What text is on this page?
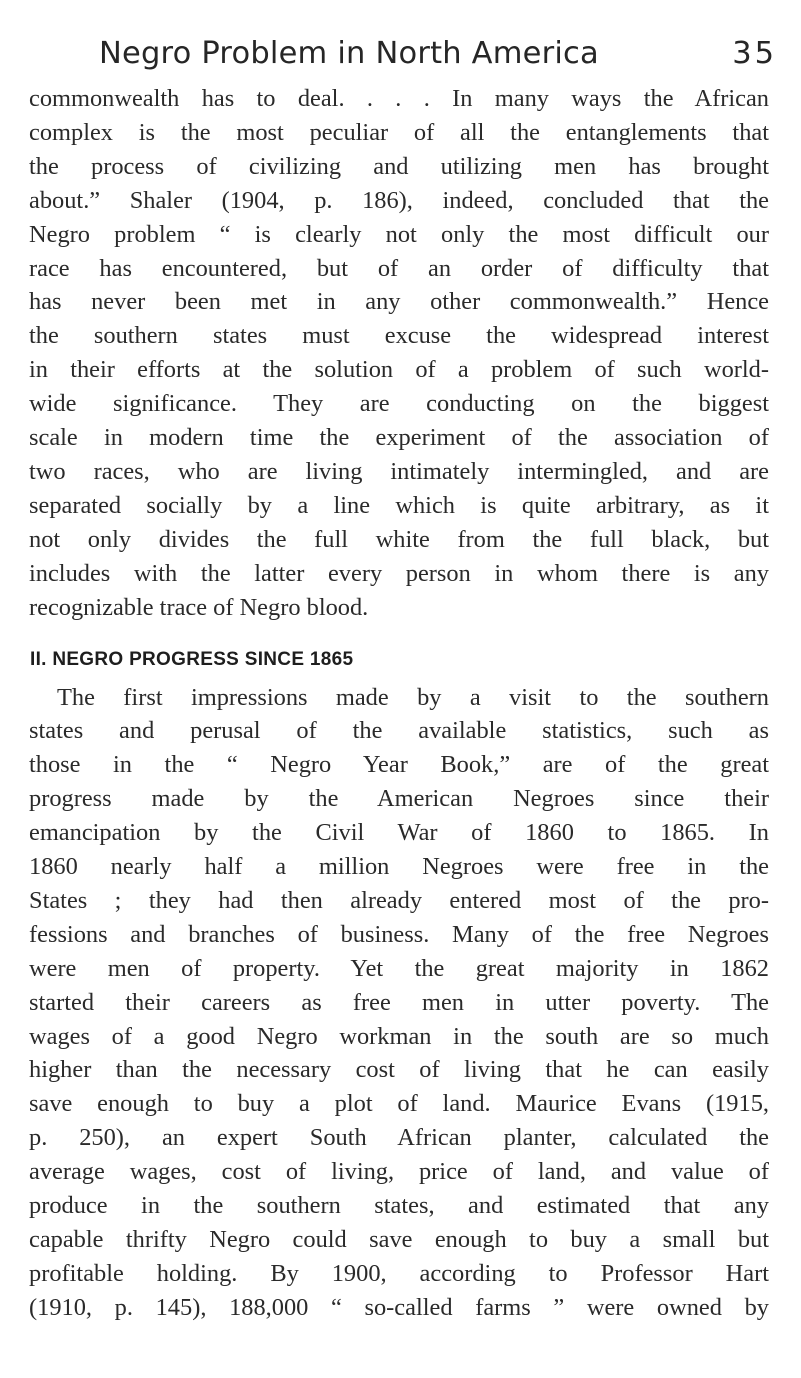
Negro Problem in North America	35

commonwealth has to deal. . . . In many ways the African
complex is the most peculiar of all the entanglements that
the process of civilizing and utilizing men has brought
about.” Shaler (1904, p. 186), indeed, concluded that the
Negro problem “ is clearly not only the most difficult our
race has encountered, but of an order of difficulty that
has never been met in any other commonwealth.” Hence
the southern states must excuse the widespread interest
in their efforts at the solution of a problem of such world-
wide significance. They are conducting on the biggest
scale in modern time the experiment of the association of
two races, who are living intimately intermingled, and are
separated socially by a line which is quite arbitrary, as it
not only divides the full white from the full black, but
includes with the latter every person in whom there is any
recognizable trace of Negro blood.

II. NEGRO PROGRESS SINCE 1865

The first impressions made by a visit to the southern
states and perusal of the available statistics, such as
those in the “ Negro Year Book,” are of the great
progress made by the American Negroes since their
emancipation by the Civil War of 1860 to 1865. In
1860 nearly half a million Negroes were free in the
States ; they had then already entered most of the pro-
fessions and branches of business. Many of the free Negroes
were men of property. Yet the great majority in 1862
started their careers as free men in utter poverty. The
wages of a good Negro workman in the south are so much
higher than the necessary cost of living that he can easily
save enough to buy a plot of land. Maurice Evans (1915,
p. 250), an expert South African planter, calculated the
average wages, cost of living, price of land, and value of
produce in the southern states, and estimated that any
capable thrifty Negro could save enough to buy a small but
profitable holding. By 1900, according to Professor Hart
(1910, p. 145), 188,000 “ so-called farms ” were owned by
